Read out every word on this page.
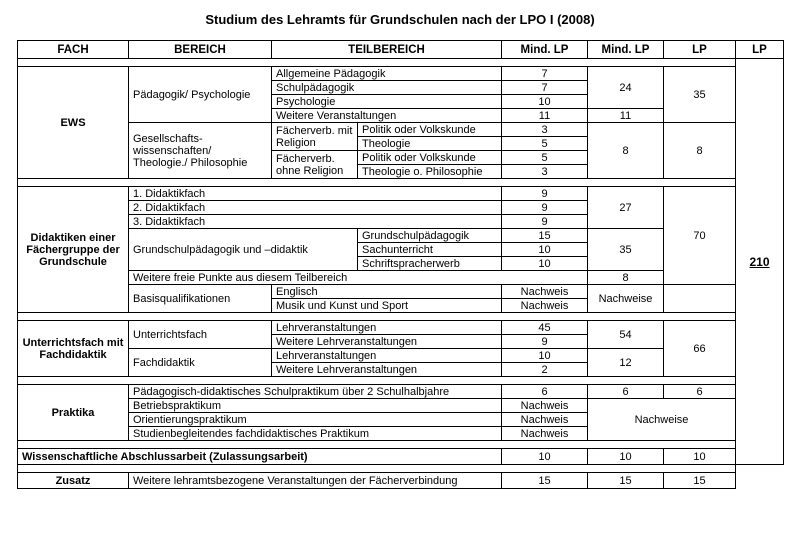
Studium des Lehramts für Grundschulen nach der LPO I (2008)
FACH	BEREICH	TEILBEREICH		Mind. LP	Mind. LP	LP	LP
							210
EWS	Pädagogik/ Psychologie	Allgemeine Pädagogik		7	24	35	
		Schulpädagogik		7			
		Psychologie		10			
		Weitere Veranstaltungen		11	11		
	Gesellschafts- wissenschaften/ Theologie./ Philosophie	Fächerverb. mit Religion	Politik oder Volkskunde	3	8	8	
			Theologie	5			
		Fächerverb. ohne Religion	Politik oder Volkskunde	5			
			Theologie o. Philosophie	3			

Didaktiken einer Fächergruppe der Grundschule	1. Didaktikfach			9	27	70	
	2. Didaktikfach			9			
	3. Didaktikfach			9			
	Grundschulpädagogik und –didaktik		Grundschulpädagogik	15	35		
			Sachunterricht	10			
			Schriftspracherwerb	10			
	Weitere freie Punkte aus diesem Teilbereich				8		
	Basisqualifikationen	Englisch		Nachweis	Nachweise		
		Musik und Kunst und Sport		Nachweis			

Unterrichtsfach mit Fachdidaktik	Unterrichtsfach	Lehrveranstaltungen		45	54	66	
		Weitere Lehrveranstaltungen		9			
	Fachdidaktik	Lehrveranstaltungen		10	12		
		Weitere Lehrveranstaltungen		2			

Praktika	Pädagogisch-didaktisches Schulpraktikum über 2 Schulhalbjahre			6	6	6	
	Betriebspraktikum			Nachweis	Nachweise		
	Orientierungspraktikum			Nachweis			
	Studienbegleitendes fachdidaktisches Praktikum			Nachweis			

Wissenschaftliche Abschlussarbeit (Zulassungsarbeit)				10	10	10	

Zusatz	Weitere lehramtsbezogene Veranstaltungen der Fächerverbindung			15	15	15	
